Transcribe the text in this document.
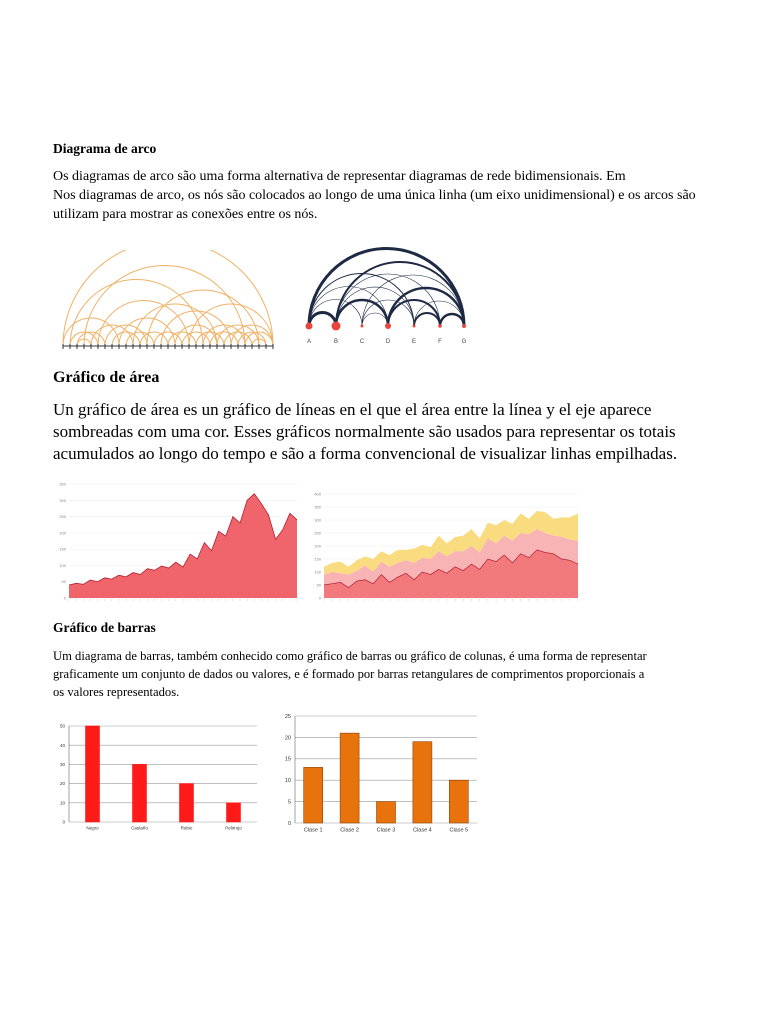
Diagrama de arco
Os diagramas de arco são uma forma alternativa de representar diagramas de rede bidimensionais. Em
Nos diagramas de arco, os nós são colocados ao longo de uma única linha (um eixo unidimensional) e os arcos são
utilizam para mostrar as conexões entre os nós.
A	B	C	D	E	F	G
Gráfico de área
Un gráfico de área es un gráfico de líneas en el que el área entre la línea y el eje aparece
sombreadas com uma cor. Esses gráficos normalmente são usados para representar os totais
acumulados ao longo do tempo e são a forma convencional de visualizar linhas empilhadas.
0
50
100
150
200
250
300
350
0
50
100
150
200
250
300
350
400
Gráfico de barras
Um diagrama de barras, também conhecido como gráfico de barras ou gráfico de colunas, é uma forma de representar
graficamente um conjunto de dados ou valores, e é formado por barras retangulares de comprimentos proporcionais a
os valores representados.
0
10
20
30
40
50
Negro	Castaño	Rubio	Pelirrojo
0
5
10
15
20
25
Clase 1	Clase 2	Clase 3	Clase 4	Clase 5
